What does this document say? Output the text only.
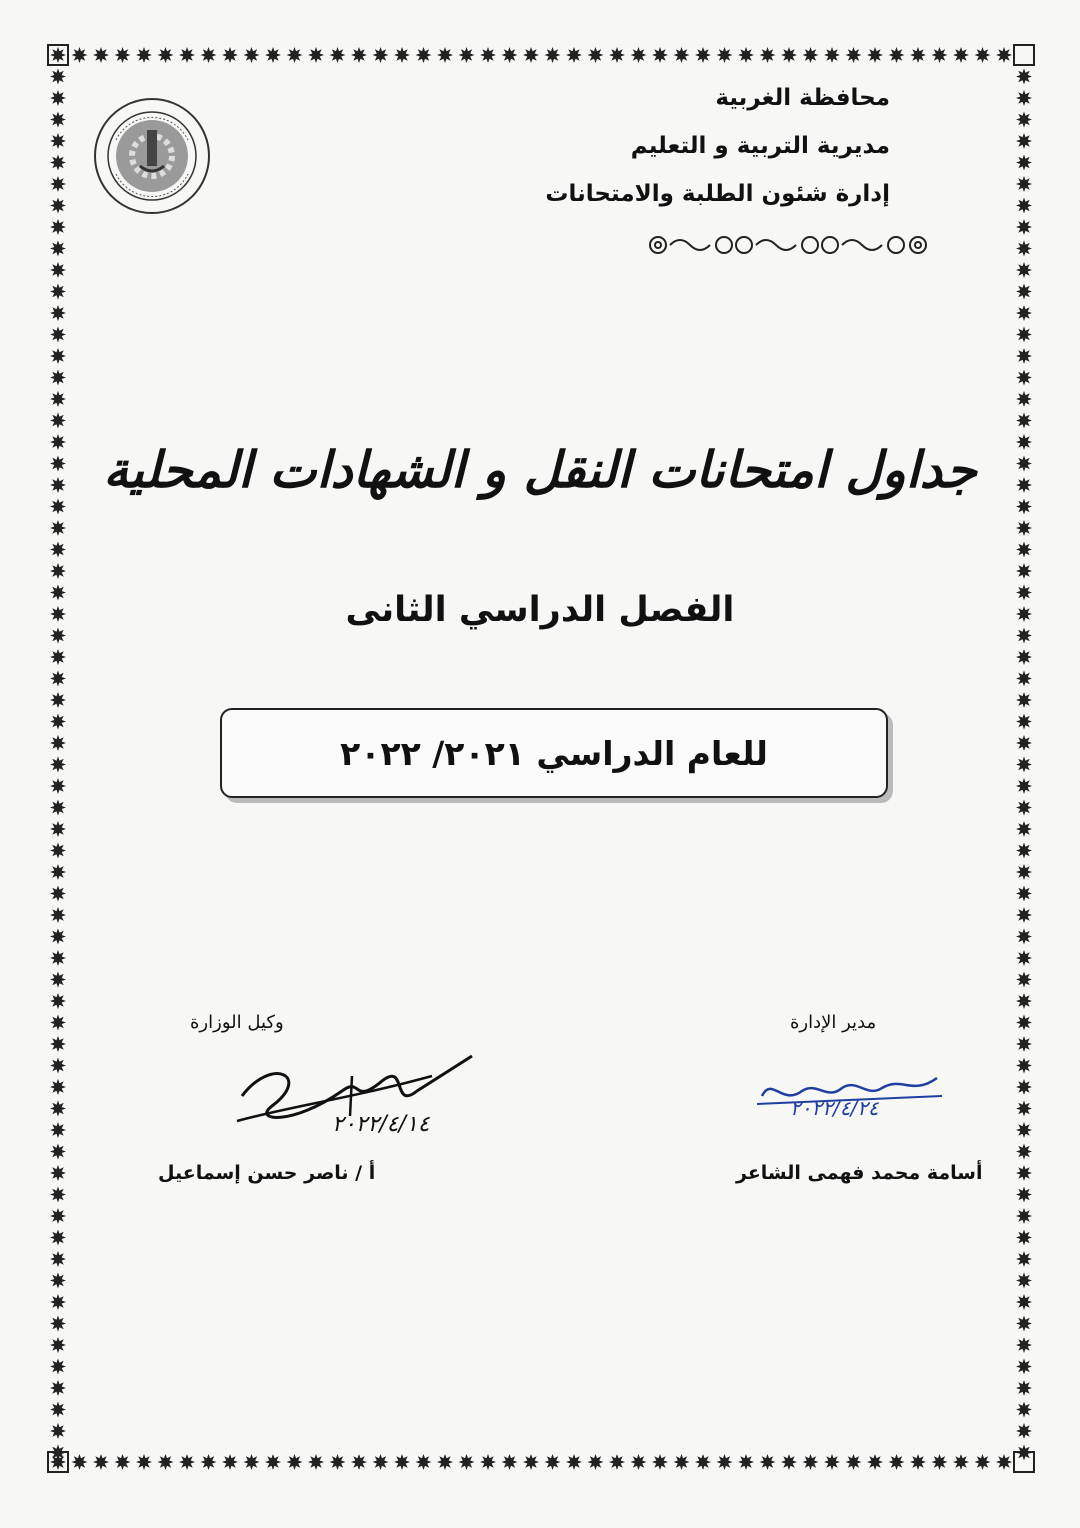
محافظة الغربية
مديرية التربية و التعليم
إدارة شئون الطلبة والامتحانات
جداول امتحانات النقل و الشهادات المحلية
الفصل الدراسي الثانى
للعام الدراسي ٢٠٢١/ ٢٠٢٢
وكيل الوزارة
٢٠٢٢/٤/١٤
أ / ناصر حسن إسماعيل
مدير الإدارة
٢٠٢٢/٤/٢٤
أسامة محمد فهمى الشاعر
